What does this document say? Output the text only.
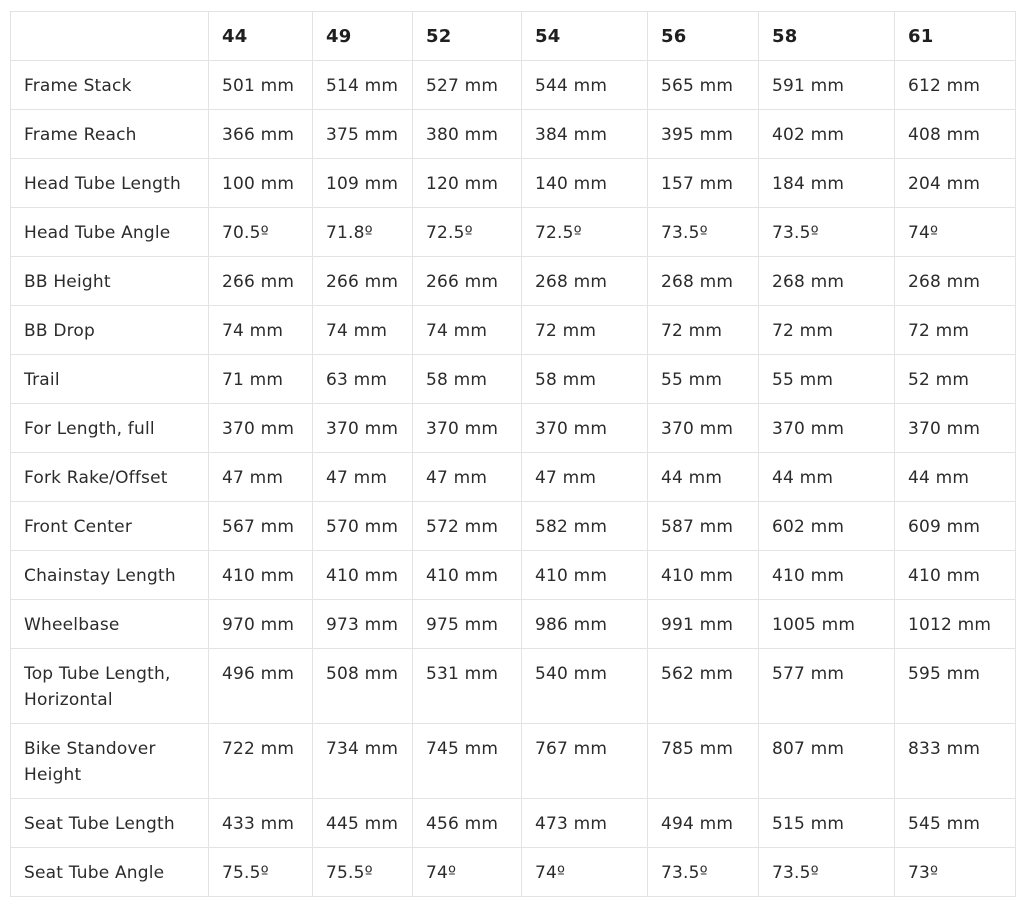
	44	49	52	54	56	58	61
Frame Stack	501 mm	514 mm	527 mm	544 mm	565 mm	591 mm	612 mm
Frame Reach	366 mm	375 mm	380 mm	384 mm	395 mm	402 mm	408 mm
Head Tube Length	100 mm	109 mm	120 mm	140 mm	157 mm	184 mm	204 mm
Head Tube Angle	70.5º	71.8º	72.5º	72.5º	73.5º	73.5º	74º
BB Height	266 mm	266 mm	266 mm	268 mm	268 mm	268 mm	268 mm
BB Drop	74 mm	74 mm	74 mm	72 mm	72 mm	72 mm	72 mm
Trail	71 mm	63 mm	58 mm	58 mm	55 mm	55 mm	52 mm
For Length, full	370 mm	370 mm	370 mm	370 mm	370 mm	370 mm	370 mm
Fork Rake/Offset	47 mm	47 mm	47 mm	47 mm	44 mm	44 mm	44 mm
Front Center	567 mm	570 mm	572 mm	582 mm	587 mm	602 mm	609 mm
Chainstay Length	410 mm	410 mm	410 mm	410 mm	410 mm	410 mm	410 mm
Wheelbase	970 mm	973 mm	975 mm	986 mm	991 mm	1005 mm	1012 mm
Top Tube Length, Horizontal	496 mm	508 mm	531 mm	540 mm	562 mm	577 mm	595 mm
Bike Standover Height	722 mm	734 mm	745 mm	767 mm	785 mm	807 mm	833 mm
Seat Tube Length	433 mm	445 mm	456 mm	473 mm	494 mm	515 mm	545 mm
Seat Tube Angle	75.5º	75.5º	74º	74º	73.5º	73.5º	73º
